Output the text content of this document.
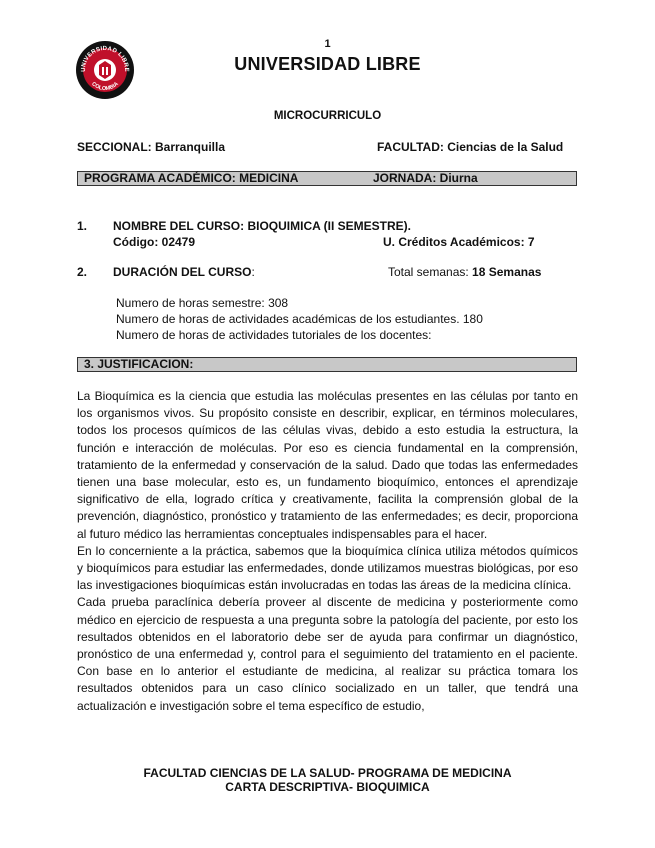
1
UNIVERSIDAD LIBRE
UNIVERSIDAD LIBRE
COLOMBIA
MICROCURRICULO
SECCIONAL: Barranquilla	FACULTAD: Ciencias de la Salud
PROGRAMA ACADÉMICO: MEDICINA	JORNADA: Diurna
1. NOMBRE DEL CURSO: BIOQUIMICA (II SEMESTRE).
Código: 02479	U. Créditos Académicos: 7
2. DURACIÓN DEL CURSO:	Total semanas: 18 Semanas
Numero de horas semestre: 308
Numero de horas de actividades académicas de los estudiantes. 180
Numero de horas de actividades tutoriales de los docentes:
3. JUSTIFICACION:

La Bioquímica es la ciencia que estudia las moléculas presentes en las células por tanto en los organismos vivos. Su propósito consiste en describir, explicar, en términos moleculares, todos los procesos químicos de las células vivas, debido a esto estudia la estructura, la función e interacción de moléculas. Por eso es ciencia fundamental en la comprensión, tratamiento de la enfermedad y conservación de la salud. Dado que todas las enfermedades tienen una base molecular, esto es, un fundamento bioquímico, entonces el aprendizaje significativo de ella, logrado crítica y creativamente, facilita la comprensión global de la prevención, diagnóstico, pronóstico y tratamiento de las enfermedades; es decir, proporciona al futuro médico las herramientas conceptuales indispensables para el hacer.

En lo concerniente a la práctica, sabemos que la bioquímica clínica utiliza métodos químicos y bioquímicos para estudiar las enfermedades, donde utilizamos muestras biológicas, por eso las investigaciones bioquímicas están involucradas en todas las áreas de la medicina clínica.

Cada prueba paraclínica debería proveer al discente de medicina y posteriormente como médico en ejercicio de respuesta a una pregunta sobre la patología del paciente, por esto los resultados obtenidos en el laboratorio debe ser de ayuda para confirmar un diagnóstico, pronóstico de una enfermedad y, control para el seguimiento del tratamiento en el paciente. Con base en lo anterior el estudiante de medicina, al realizar su práctica tomara los resultados obtenidos para un caso clínico socializado en un taller, que tendrá una actualización e investigación sobre el tema específico de estudio,

FACULTAD CIENCIAS DE LA SALUD- PROGRAMA DE MEDICINA
CARTA DESCRIPTIVA- BIOQUIMICA
